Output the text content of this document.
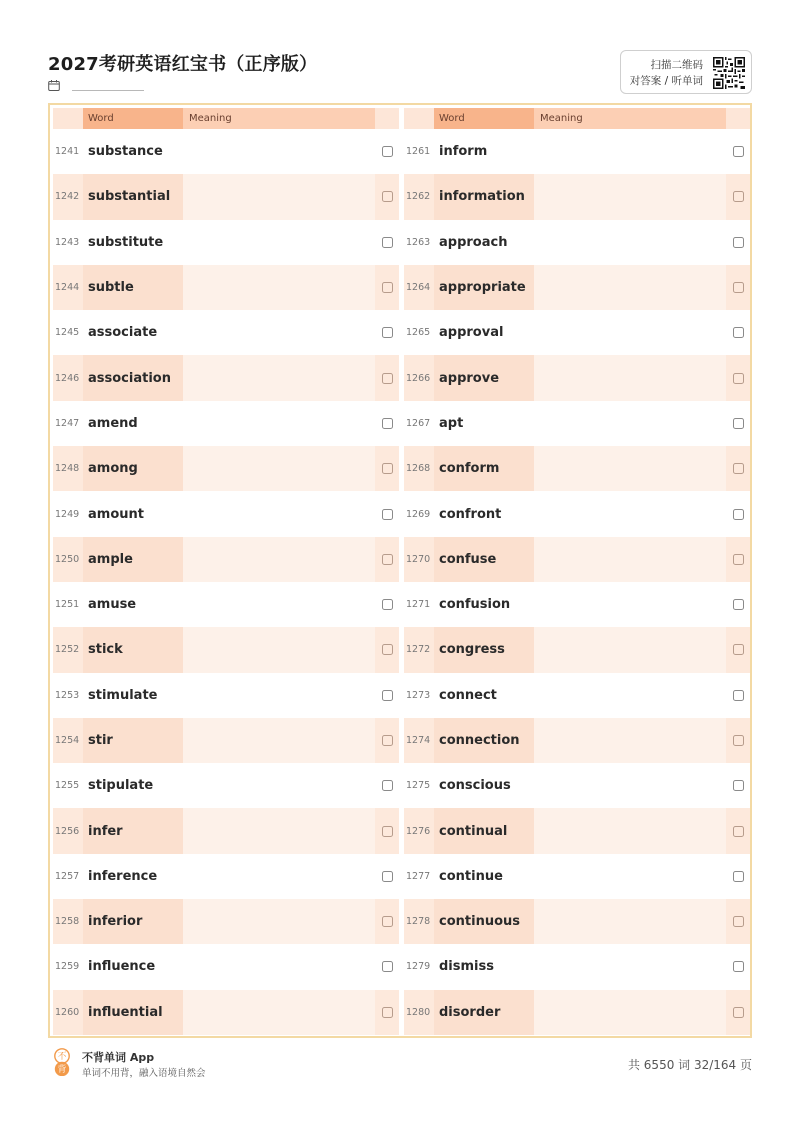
2027考研英语红宝书（正序版）	扫描二维码
对答案 / 听单词
Word	Meaning
1241 substance
1242 substantial
1243 substitute
1244 subtle
1245 associate
1246 association
1247 amend
1248 among
1249 amount
1250 ample
1251 amuse
1252 stick
1253 stimulate
1254 stir
1255 stipulate
1256 infer
1257 inference
1258 inferior
1259 influence
1260 influential
Word	Meaning
1261 inform
1262 information
1263 approach
1264 appropriate
1265 approval
1266 approve
1267 apt
1268 conform
1269 confront
1270 confuse
1271 confusion
1272 congress
1273 connect
1274 connection
1275 conscious
1276 continual
1277 continue
1278 continuous
1279 dismiss
1280 disorder
不
背
不背单词 App
单词不用背，融入语境自然会
共 6550 词 32/164 页
